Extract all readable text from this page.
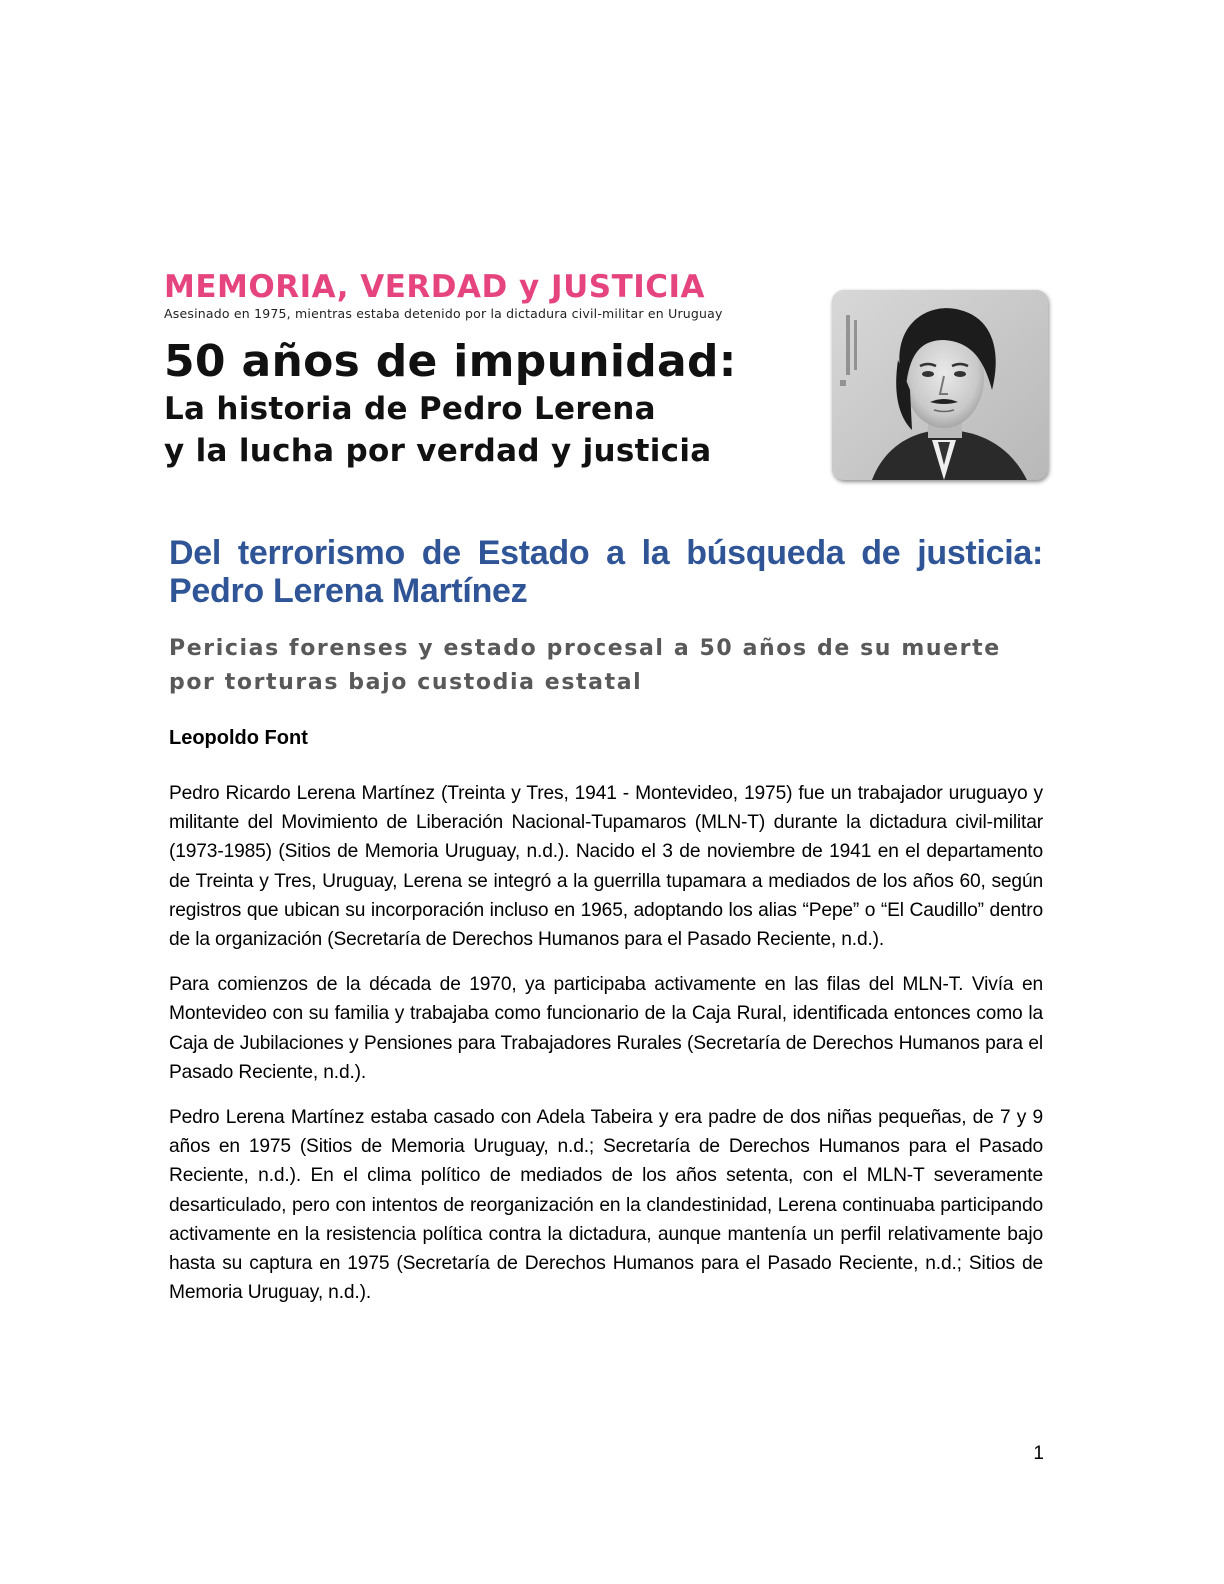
MEMORIA, VERDAD y JUSTICIA

Asesinado en 1975, mientras estaba detenido por la dictadura civil-militar en Uruguay

50 años de impunidad:

La historia de Pedro Lerena

y la lucha por verdad y justicia

Del terrorismo de Estado a la búsqueda de justicia: Pedro Lerena Martínez
Pericias forenses y estado procesal a 50 años de su muerte por torturas bajo custodia estatal

Leopoldo Font

Pedro Ricardo Lerena Martínez (Treinta y Tres, 1941 - Montevideo, 1975) fue un trabajador uruguayo y militante del Movimiento de Liberación Nacional-Tupamaros (MLN-T) durante la dictadura civil-militar (1973-1985) (Sitios de Memoria Uruguay, n.d.). Nacido el 3 de noviembre de 1941 en el departamento de Treinta y Tres, Uruguay, Lerena se integró a la guerrilla tupamara a mediados de los años 60, según registros que ubican su incorporación incluso en 1965, adoptando los alias “Pepe” o “El Caudillo” dentro de la organización (Secretaría de Derechos Humanos para el Pasado Reciente, n.d.).

Para comienzos de la década de 1970, ya participaba activamente en las filas del MLN-T. Vivía en Montevideo con su familia y trabajaba como funcionario de la Caja Rural, identificada entonces como la Caja de Jubilaciones y Pensiones para Trabajadores Rurales (Secretaría de Derechos Humanos para el Pasado Reciente, n.d.).

Pedro Lerena Martínez estaba casado con Adela Tabeira y era padre de dos niñas pequeñas, de 7 y 9 años en 1975 (Sitios de Memoria Uruguay, n.d.; Secretaría de Derechos Humanos para el Pasado Reciente, n.d.). En el clima político de mediados de los años setenta, con el MLN-T severamente desarticulado, pero con intentos de reorganización en la clandestinidad, Lerena continuaba participando activamente en la resistencia política contra la dictadura, aunque mantenía un perfil relativamente bajo hasta su captura en 1975 (Secretaría de Derechos Humanos para el Pasado Reciente, n.d.; Sitios de Memoria Uruguay, n.d.).

1
